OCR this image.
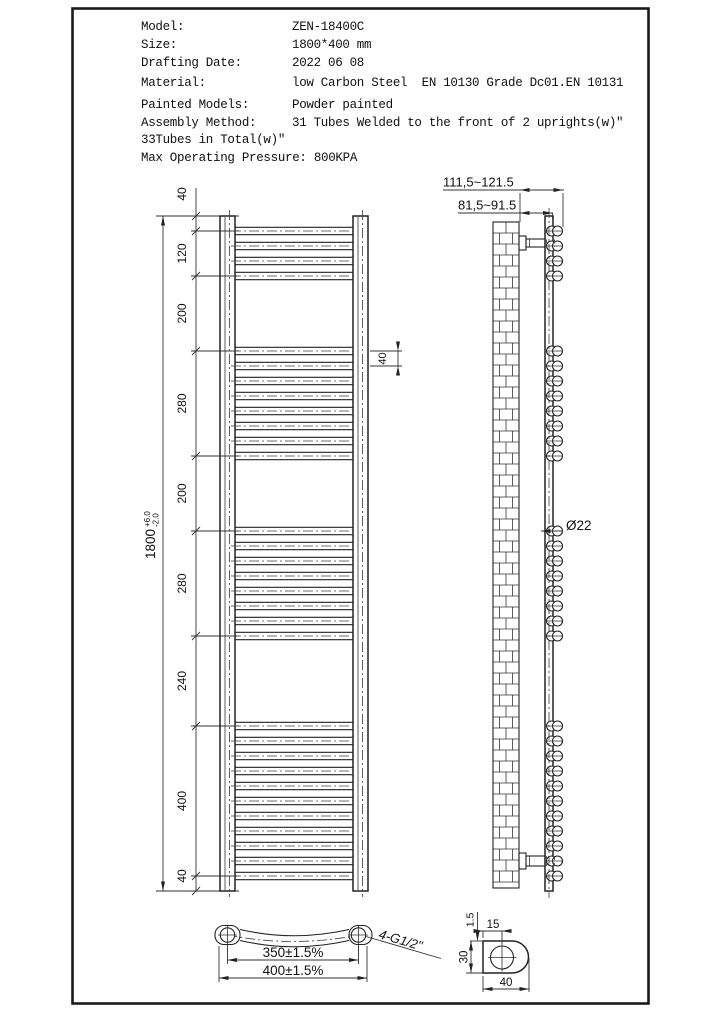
Model:	ZEN-18400C
Size:	1800*400 mm
Drafting Date:	2022 06 08
Material:	low Carbon Steel  EN 10130 Grade Dc01.EN 10131
Painted Models:	Powder painted
Assembly Method:	31 Tubes Welded to the front of 2 uprights(w)"
33Tubes in Total(w)"
Max Operating Pressure: 800KPA
1800
+6.0 -2.0
40
120
200
280
200
280
240
400
40
40
111,5~121.5
81,5~91.5
Ø22
350±1.5%
400±1.5%
4-G1/2"
15
1.5
30
40
